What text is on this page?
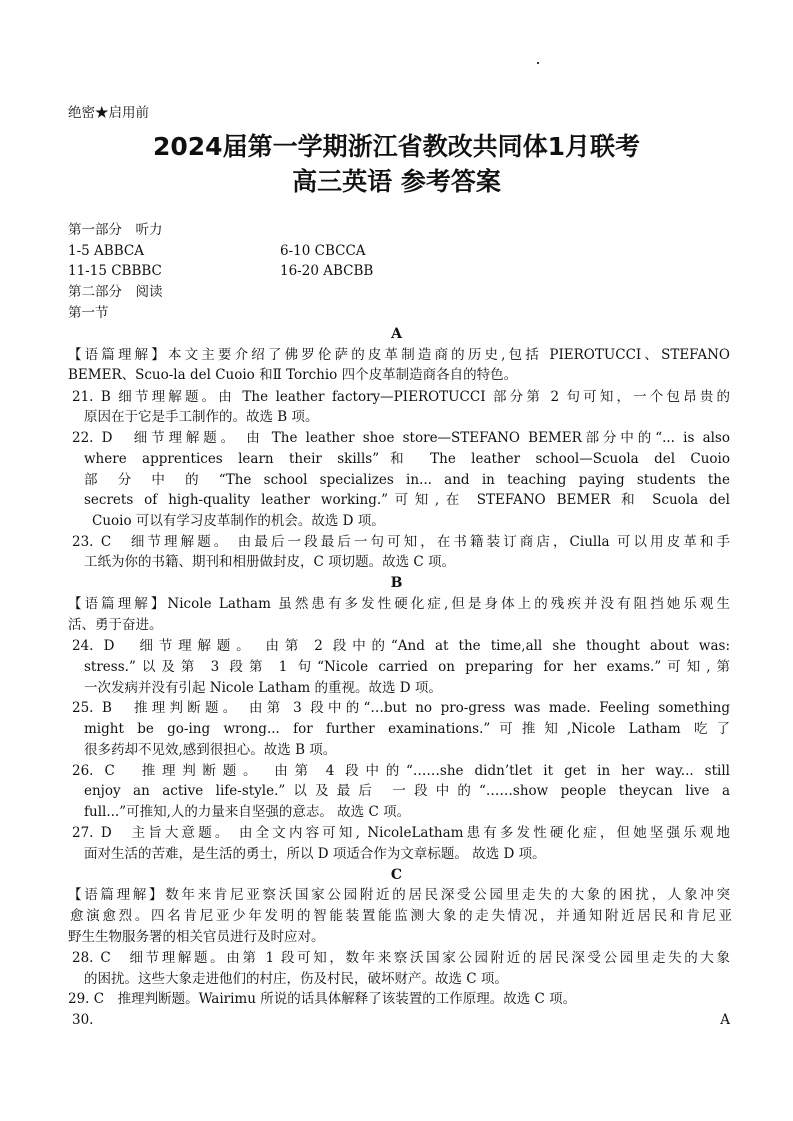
绝密★启用前
2024届第一学期浙江省教改共同体1月联考
高三英语 参考答案
第一部分　听力
1-5 ABBCA	6-10 CBCCA
11-15 CBBBC	16-20 ABCBB
第二部分　阅读
第一节
A
【语篇理解】本文主要介绍了佛罗伦萨的皮革制造商的历史,包括 PIEROTUCCI、STEFANO
BEMER、Scuo-la del Cuoio 和Ⅱ Torchio 四个皮革制造商各自的特色。
21. B 细节理解题。由 The leather factory—PIEROTUCCI 部分第 2 句可知，一个包昂贵的
原因在于它是手工制作的。故选 B 项。
22. D　细节理解题。 由 The leather shoe store—STEFANO BEMER部分中的“... is also
where apprentices learn their skills”和 The leather school—Scuola del Cuoio
部 分 中 的 “The school specializes in... and in teaching paying students the
secrets of high-quality leather working.”可知,在 STEFANO BEMER 和 Scuola del
Cuoio 可以有学习皮革制作的机会。故选 D 项。
23. C　细节理解题。 由最后一段最后一句可知，在书籍装订商店，Ciulla 可以用皮革和手
工纸为你的书籍、期刊和相册做封皮，C 项切题。故选 C 项。
B
【语篇理解】Nicole Latham 虽然患有多发性硬化症,但是身体上的残疾并没有阻挡她乐观生
活、勇于奋进。
24. D　细节理解题。 由第 2 段中的“And at the time,all she thought about was:
stress.”以及第 3 段第 1 句“Nicole carried on preparing for her exams.”可知,第
一次发病并没有引起 Nicole Latham 的重视。故选 D 项。
25. B　推理判断题。 由第 3 段中的“…but no pro-gress was made. Feeling something
might be go-ing wrong... for further examinations.”可推知,Nicole Latham 吃了
很多药却不见效,感到很担心。故选 B 项。
26. C　推理判断题。 由第 4 段中的“……she didn’tlet it get in her way... still
enjoy an active life-style.”以及最后 一段中的“……show people theycan live a
full...”可推知,人的力量来自坚强的意志。 故选 C 项。
27. D　主旨大意题。 由全文内容可知, NicoleLatham患有多发性硬化症，但她坚强乐观地
面对生活的苦难，是生活的勇士，所以 D 项适合作为文章标题。 故选 D 项。
C
【语篇理解】数年来肯尼亚察沃国家公园附近的居民深受公园里走失的大象的困扰，人象冲突
愈演愈烈。四名肯尼亚少年发明的智能装置能监测大象的走失情况，并通知附近居民和肯尼亚
野生生物服务署的相关官员进行及时应对。
28. C　细节理解题。由第 1 段可知，数年来察沃国家公园附近的居民深受公园里走失的大象
的困扰。这些大象走进他们的村庄，伤及村民，破坏财产。故选 C 项。
29. C　推理判断题。Wairimu 所说的话具体解释了该装置的工作原理。故选 C 项。
30.	A
